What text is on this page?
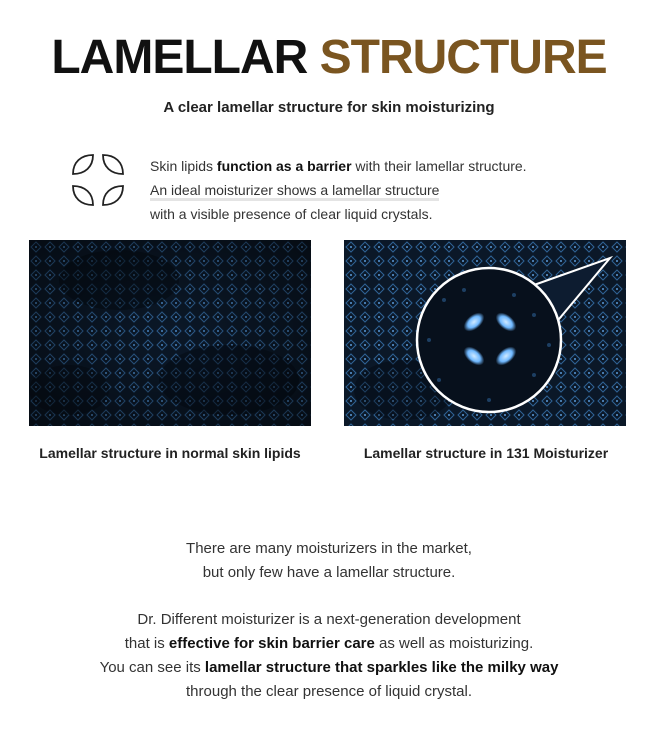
LAMELLAR STRUCTURE
A clear lamellar structure for skin moisturizing
Skin lipids function as a barrier with their lamellar structure.
An ideal moisturizer shows a lamellar structure
with a visible presence of clear liquid crystals.
Lamellar structure in normal skin lipids	Lamellar structure in 131 Moisturizer
There are many moisturizers in the market,
but only few have a lamellar structure.
Dr. Different moisturizer is a next-generation development
that is effective for skin barrier care as well as moisturizing.
You can see its lamellar structure that sparkles like the milky way
through the clear presence of liquid crystal.
